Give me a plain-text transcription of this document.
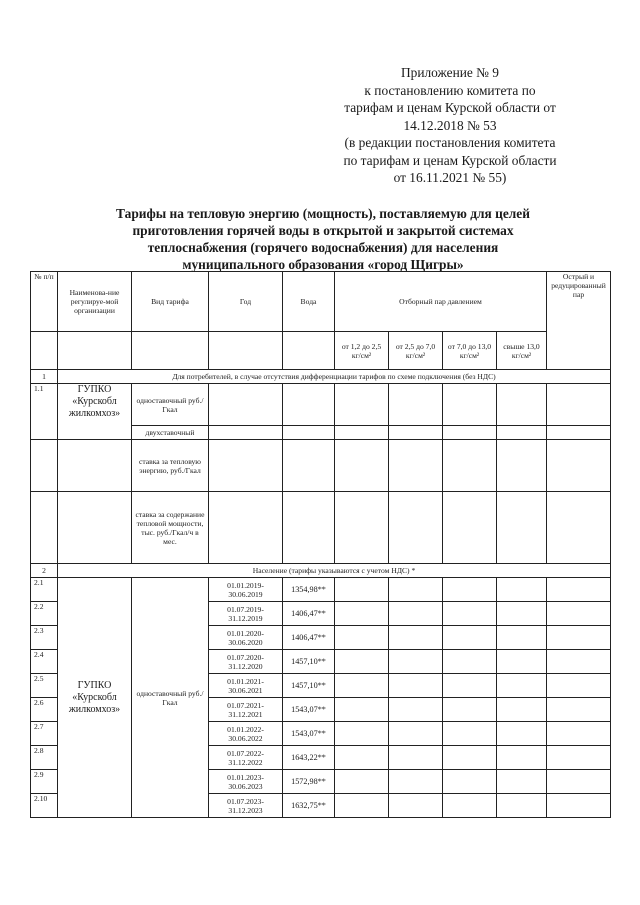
Приложение № 9
к постановлению комитета по
тарифам и ценам Курской области от
14.12.2018 № 53
(в редакции постановления комитета
по тарифам и ценам Курской области
от 16.11.2021 № 55)
Тарифы на тепловую энергию (мощность), поставляемую для целей
приготовления горячей воды в открытой и закрытой системах
теплоснабжения (горячего водоснабжения) для населения
муниципального образования «город Щигры»
№ п/п	Наименова-ние регулируе-мой организации	Вид тарифа	Год	Вода	Отборный пар давлением				Острый и редуцированный пар
					от 1,2 до 2,5 кг/см²	от 2,5 до 7,0 кг/см²	от 7,0 до 13,0 кг/см²	свыше 13,0 кг/см²	
1	Для потребителей, в случае отсутствия дифференциации тарифов по схеме подключения (без НДС)								
1.1	ГУПКО «Курскобл жилкомхоз»	одноставочный руб./Гкал							
		двухставочный							
		ставка за тепловую энергию, руб./Гкал							
		ставка за содержание тепловой мощности, тыс. руб./Гкал/ч в мес.							
2	Население (тарифы указываются с учетом НДС) *								
2.1	ГУПКО «Курскобл жилкомхоз»	одноставочный руб./Гкал	01.01.2019-30.06.2019	1354,98**					
2.2			01.07.2019-31.12.2019	1406,47**					
2.3			01.01.2020-30.06.2020	1406,47**					
2.4			01.07.2020-31.12.2020	1457,10**					
2.5			01.01.2021-30.06.2021	1457,10**					
2.6			01.07.2021-31.12.2021	1543,07**					
2.7			01.01.2022-30.06.2022	1543,07**					
2.8			01.07.2022-31.12.2022	1643,22**					
2.9			01.01.2023-30.06.2023	1572,98**					
2.10			01.07.2023-31.12.2023	1632,75**					
